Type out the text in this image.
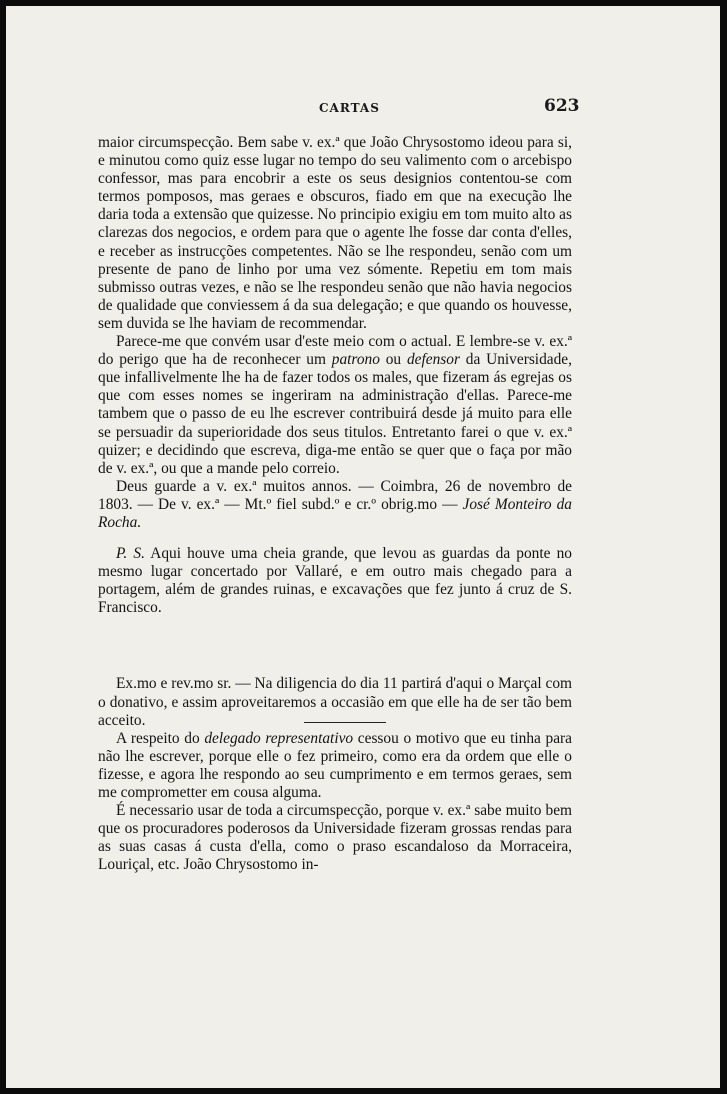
CARTAS	623

maior circumspecção. Bem sabe v. ex.ª que João Chrysostomo ideou para si, e minutou como quiz esse lugar no tempo do seu valimento com o arcebispo confessor, mas para encobrir a este os seus designios contentou-se com termos pomposos, mas geraes e obscuros, fiado em que na execução lhe daria toda a extensão que quizesse. No principio exigiu em tom muito alto as clarezas dos negocios, e ordem para que o agente lhe fosse dar conta d'elles, e receber as instrucções competentes. Não se lhe respondeu, senão com um presente de pano de linho por uma vez sómente. Repetiu em tom mais submisso outras vezes, e não se lhe respondeu senão que não havia negocios de qualidade que conviessem á da sua delegação; e que quando os houvesse, sem duvida se lhe haviam de recommendar.

Parece-me que convém usar d'este meio com o actual. E lembre-se v. ex.ª do perigo que ha de reconhecer um patrono ou defensor da Universidade, que infallivelmente lhe ha de fazer todos os males, que fizeram ás egrejas os que com esses nomes se ingeriram na administração d'ellas. Parece-me tambem que o passo de eu lhe escrever contribuirá desde já muito para elle se persuadir da superioridade dos seus titulos. Entretanto farei o que v. ex.ª quizer; e decidindo que escreva, diga-me então se quer que o faça por mão de v. ex.ª, ou que a mande pelo correio.

Deus guarde a v. ex.ª muitos annos. — Coimbra, 26 de novembro de 1803. — De v. ex.ª — Mt.º fiel subd.º e cr.º obrig.mo — José Monteiro da Rocha.

P. S. Aqui houve uma cheia grande, que levou as guardas da ponte no mesmo lugar concertado por Vallaré, e em outro mais chegado para a portagem, além de grandes ruinas, e excavações que fez junto á cruz de S. Francisco.

Ex.mo e rev.mo sr. — Na diligencia do dia 11 partirá d'aqui o Marçal com o donativo, e assim aproveitaremos a occasião em que elle ha de ser tão bem acceito.

A respeito do delegado representativo cessou o motivo que eu tinha para não lhe escrever, porque elle o fez primeiro, como era da ordem que elle o fizesse, e agora lhe respondo ao seu cumprimento e em termos geraes, sem me comprometter em cousa alguma.

É necessario usar de toda a circumspecção, porque v. ex.ª sabe muito bem que os procuradores poderosos da Universidade fizeram grossas rendas para as suas casas á custa d'ella, como o praso escandaloso da Morraceira, Louriçal, etc. João Chrysostomo in-
